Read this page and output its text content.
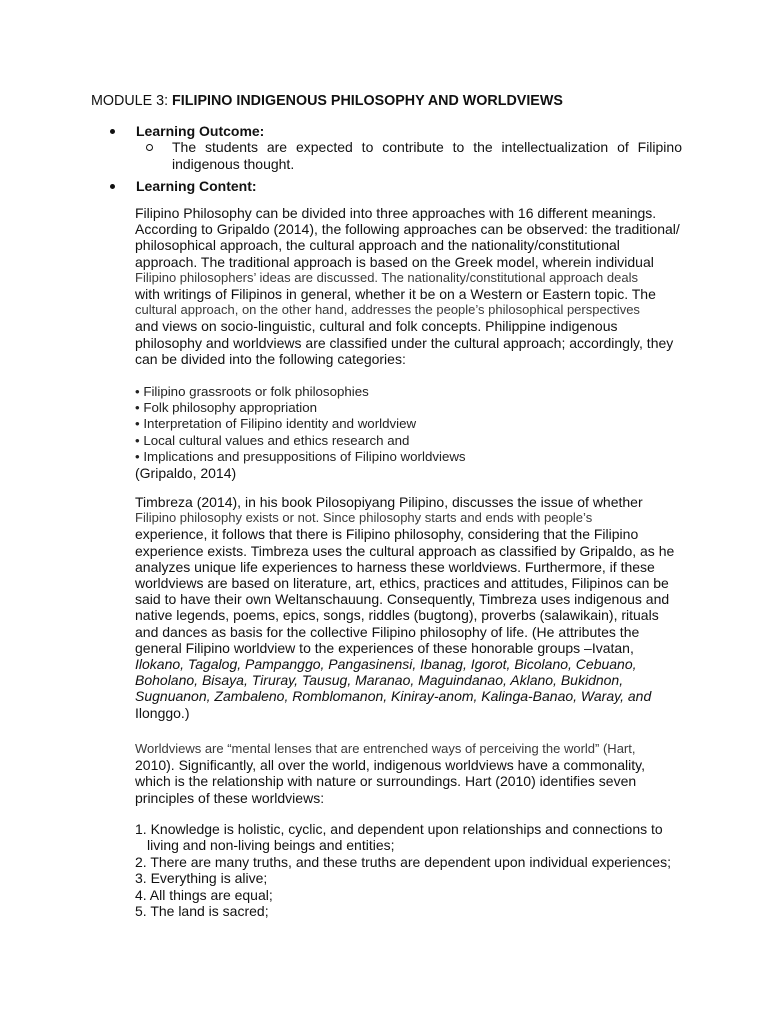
MODULE 3: FILIPINO INDIGENOUS PHILOSOPHY AND WORLDVIEWS
Learning Outcome:
The students are expected to contribute to the intellectualization of Filipino indigenous thought.
Learning Content:

Filipino Philosophy can be divided into three approaches with 16 different meanings.

According to Gripaldo (2014), the following approaches can be observed: the traditional/

philosophical approach, the cultural approach and the nationality/constitutional

approach. The traditional approach is based on the Greek model, wherein individual

Filipino philosophers’ ideas are discussed. The nationality/constitutional approach deals

with writings of Filipinos in general, whether it be on a Western or Eastern topic. The

cultural approach, on the other hand, addresses the people’s philosophical perspectives

and views on socio-linguistic, cultural and folk concepts. Philippine indigenous

philosophy and worldviews are classified under the cultural approach; accordingly, they

can be divided into the following categories:

• Filipino grassroots or folk philosophies
• Folk philosophy appropriation
• Interpretation of Filipino identity and worldview
• Local cultural values and ethics research and
• Implications and presuppositions of Filipino worldviews
(Gripaldo, 2014)

Timbreza (2014), in his book Pilosopiyang Pilipino, discusses the issue of whether

Filipino philosophy exists or not. Since philosophy starts and ends with people’s

experience, it follows that there is Filipino philosophy, considering that the Filipino

experience exists. Timbreza uses the cultural approach as classified by Gripaldo, as he

analyzes unique life experiences to harness these worldviews. Furthermore, if these

worldviews are based on literature, art, ethics, practices and attitudes, Filipinos can be

said to have their own Weltanschauung. Consequently, Timbreza uses indigenous and

native legends, poems, epics, songs, riddles (bugtong), proverbs (salawikain), rituals

and dances as basis for the collective Filipino philosophy of life. (He attributes the

general Filipino worldview to the experiences of these honorable groups –Ivatan,

Ilokano, Tagalog, Pampanggo, Pangasinensi, Ibanag, Igorot, Bicolano, Cebuano,

Boholano, Bisaya, Tiruray, Tausug, Maranao, Maguindanao, Aklano, Bukidnon,

Sugnuanon, Zambaleno, Romblomanon, Kiniray-anom, Kalinga-Banao, Waray, and

Ilonggo.)

Worldviews are “mental lenses that are entrenched ways of perceiving the world” (Hart,

2010). Significantly, all over the world, indigenous worldviews have a commonality,

which is the relationship with nature or surroundings. Hart (2010) identifies seven

principles of these worldviews:

1. Knowledge is holistic, cyclic, and dependent upon relationships and connections to living and non-living beings and entities;
2. There are many truths, and these truths are dependent upon individual experiences;
3. Everything is alive;
4. All things are equal;
5. The land is sacred;
